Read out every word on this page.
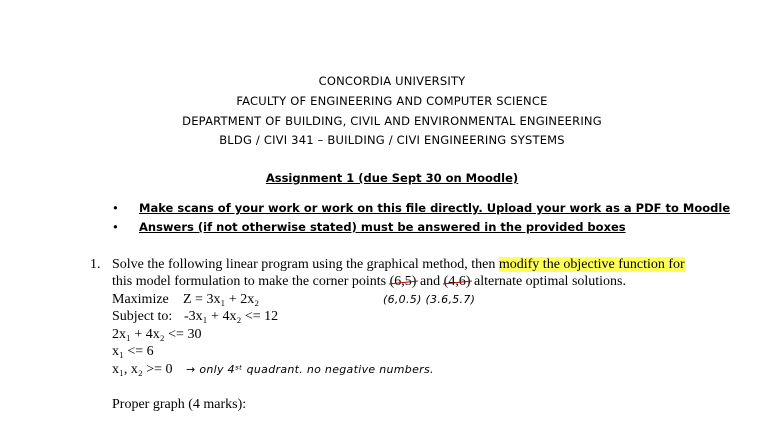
CONCORDIA UNIVERSITY
FACULTY OF ENGINEERING AND COMPUTER SCIENCE
DEPARTMENT OF BUILDING, CIVIL AND ENVIRONMENTAL ENGINEERING
BLDG / CIVI 341 – BUILDING / CIVI ENGINEERING SYSTEMS
Assignment 1 (due Sept 30 on Moodle)
• Make scans of your work or work on this file directly. Upload your work as a PDF to Moodle
• Answers (if not otherwise stated) must be answered in the provided boxes
1. Solve the following linear program using the graphical method, then modify the objective function for
this model formulation to make the corner points (6,5) and (4,6) alternate optimal solutions.
Maximize Z = 3x₁ + 2x₂	(6,0.5) (3.6,5.7)
Subject to: -3x₁ + 4x₂ <= 12
2x₁ + 4x₂ <= 30
x₁ <= 6
x₁, x₂ >= 0 → only 4ˢᵗ quadrant. no negative numbers.
Proper graph (4 marks):
